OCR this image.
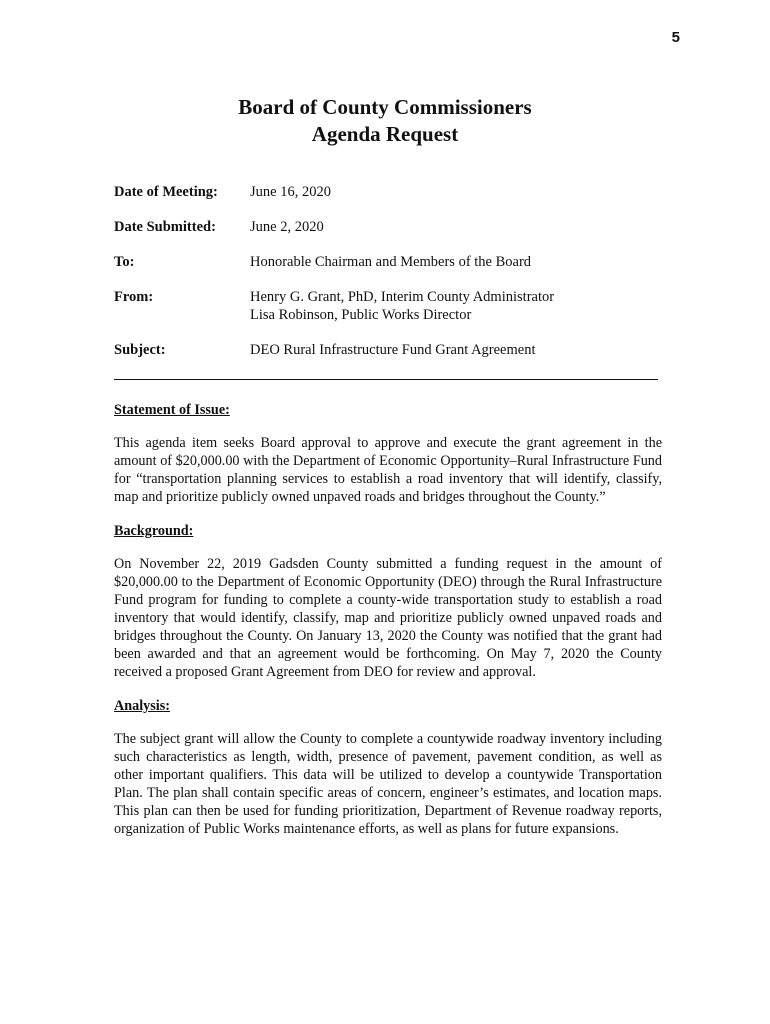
5
Board of County Commissioners
Agenda Request
Date of Meeting:	June 16, 2020
Date Submitted:	June 2, 2020
To:	Honorable Chairman and Members of the Board
From:	Henry G. Grant, PhD, Interim County Administrator
Lisa Robinson, Public Works Director
Subject:	DEO Rural Infrastructure Fund Grant Agreement
Statement of Issue:

This agenda item seeks Board approval to approve and execute the grant agreement in the amount of $20,000.00 with the Department of Economic Opportunity–Rural Infrastructure Fund for “transportation planning services to establish a road inventory that will identify, classify, map and prioritize publicly owned unpaved roads and bridges throughout the County.”

Background:

On November 22, 2019 Gadsden County submitted a funding request in the amount of $20,000.00 to the Department of Economic Opportunity (DEO) through the Rural Infrastructure Fund program for funding to complete a county-wide transportation study to establish a road inventory that would identify, classify, map and prioritize publicly owned unpaved roads and bridges throughout the County. On January 13, 2020 the County was notified that the grant had been awarded and that an agreement would be forthcoming. On May 7, 2020 the County received a proposed Grant Agreement from DEO for review and approval.

Analysis:

The subject grant will allow the County to complete a countywide roadway inventory including such characteristics as length, width, presence of pavement, pavement condition, as well as other important qualifiers. This data will be utilized to develop a countywide Transportation Plan. The plan shall contain specific areas of concern, engineer’s estimates, and location maps. This plan can then be used for funding prioritization, Department of Revenue roadway reports, organization of Public Works maintenance efforts, as well as plans for future expansions.
